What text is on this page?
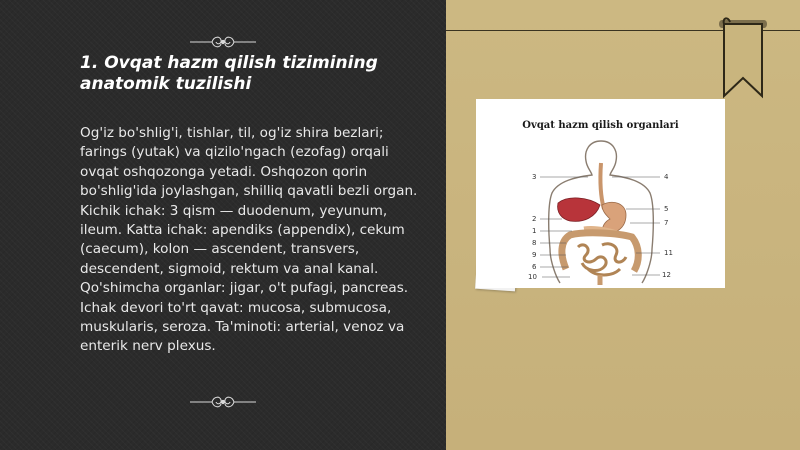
1. Ovqat hazm qilish tizimining anatomik tuzilishi

Og'iz bo'shlig'i, tishlar, til, og'iz shira bezlari; farings (yutak) va qizilo'ngach (ezofag) orqali ovqat oshqozonga yetadi. Oshqozon qorin bo'shlig'ida joylashgan, shilliq qavatli bezli organ. Kichik ichak: 3 qism — duodenum, yeyunum, ileum. Katta ichak: apendiks (appendix), cekum (caecum), kolon — ascendent, transvers, descendent, sigmoid, rektum va anal kanal. Qo'shimcha organlar: jigar, o't pufagi, pancreas. Ichak devori to'rt qavat: mucosa, submucosa, muskularis, seroza. Ta'minoti: arterial, venoz va enterik nerv plexus.

Ovqat hazm qilish organlari
3	4
2
1
8
9
6
10
5
7
11
12
